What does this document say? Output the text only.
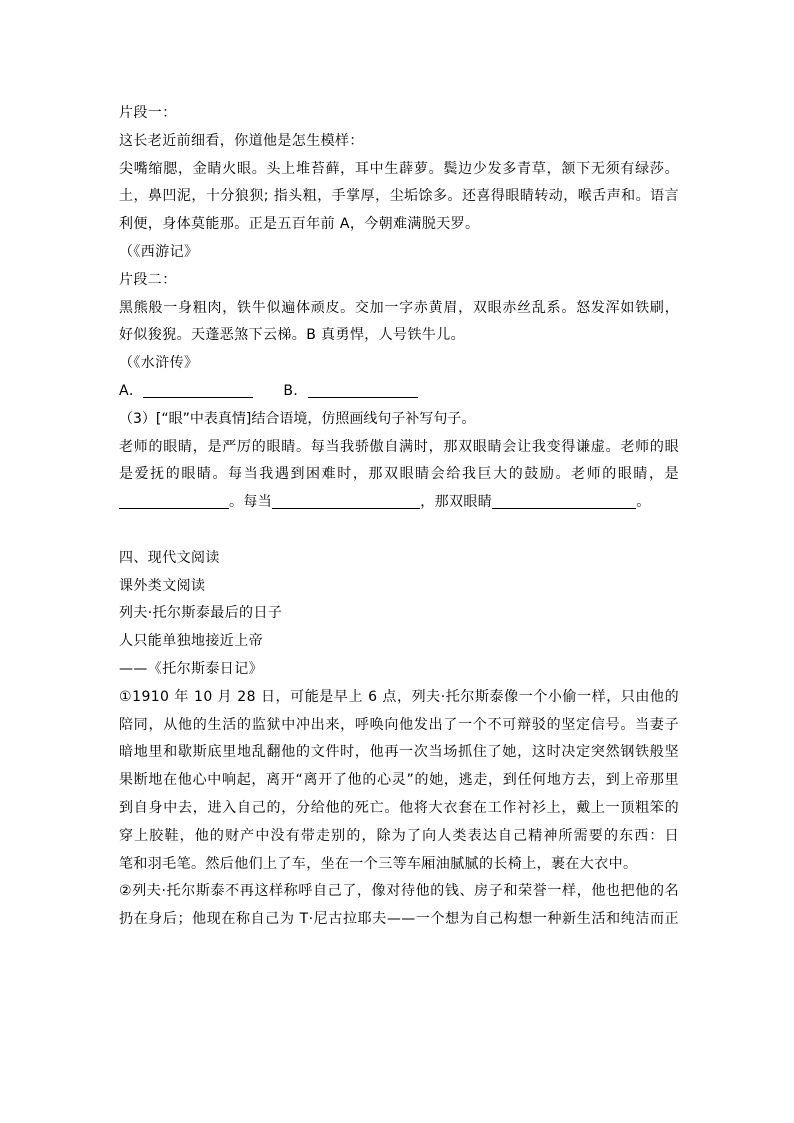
片段一：
这长老近前细看，你道他是怎生模样：
尖嘴缩腮，金睛火眼。头上堆苔藓，耳中生薜萝。鬓边少发多青草，颔下无须有绿莎。
土，鼻凹泥，十分狼狈; 指头粗，手掌厚，尘垢馀多。还喜得眼睛转动，喉舌声和。语言
利便，身体莫能那。正是五百年前 A，今朝难满脱天罗。
（《西游记》
片段二：
黑熊般一身粗肉，铁牛似遍体顽皮。交加一字赤黄眉，双眼赤丝乱系。怒发浑如铁刷，
好似狻猊。天蓬恶煞下云梯。B 真勇悍，人号铁牛儿。
（《水浒传》
A．	B．
（3）[“眼”中表真情]结合语境，仿照画线句子补写句子。
老师的眼睛，是严厉的眼睛。每当我骄傲自满时，那双眼睛会让我变得谦虚。老师的眼
是爱抚的眼睛。每当我遇到困难时，那双眼睛会给我巨大的鼓励。老师的眼睛，是
。每当	，那双眼睛	。
四、现代文阅读
课外类文阅读
列夫·托尔斯泰最后的日子
人只能单独地接近上帝
——《托尔斯泰日记》
①1910 年 10 月 28 日，可能是早上 6 点，列夫·托尔斯泰像一个小偷一样，只由他的
陪同，从他的生活的监狱中冲出来，呼唤向他发出了一个不可辩驳的坚定信号。当妻子
暗地里和歇斯底里地乱翻他的文件时，他再一次当场抓住了她，这时决定突然钢铁般坚
果断地在他心中响起，离开“离开了他的心灵”的她，逃走，到任何地方去，到上帝那里
到自身中去，进入自己的，分给他的死亡。他将大衣套在工作衬衫上，戴上一顶粗笨的
穿上胶鞋，他的财产中没有带走别的，除为了向人类表达自己精神所需要的东西：日
笔和羽毛笔。然后他们上了车，坐在一个三等车厢油腻腻的长椅上，裹在大衣中。
②列夫·托尔斯泰不再这样称呼自己了，像对待他的钱、房子和荣誉一样，他也把他的名
扔在身后；他现在称自己为 T·尼古拉耶夫——一个想为自己构想一种新生活和纯洁而正
